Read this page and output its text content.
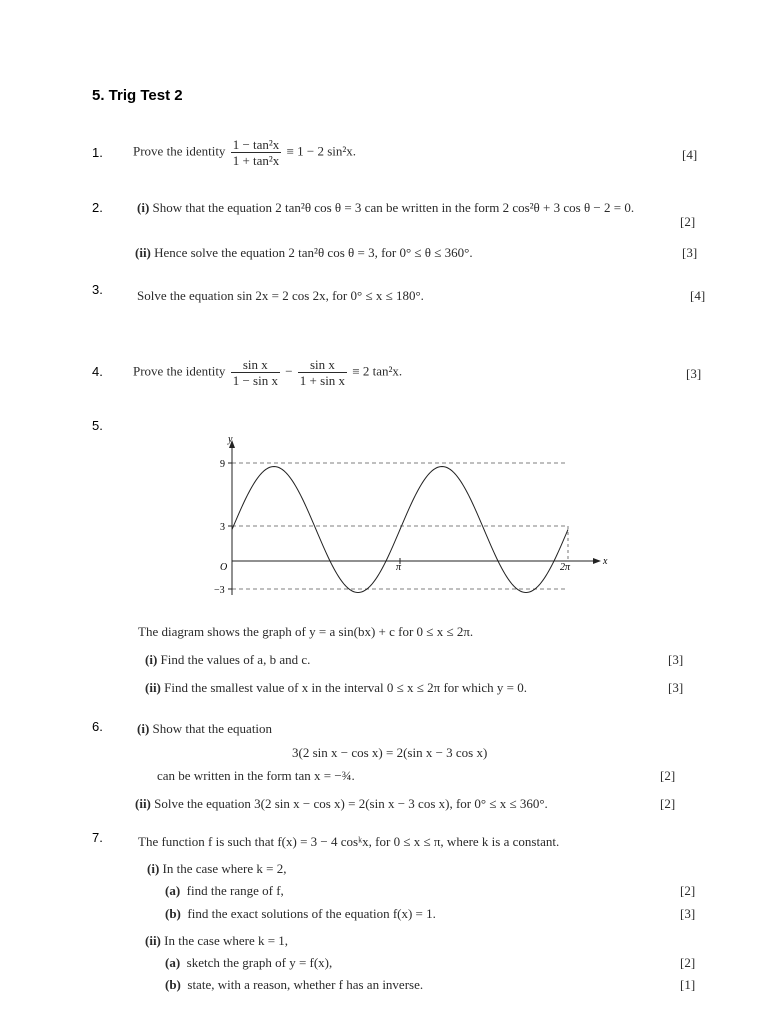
5. Trig Test 2
1. Prove the identity $\frac{\text{1 − tan²x}}{\text{1 + tan²x}} \equiv 1 - 2$ sin²x.	[4]
2.	(i) Show that the equation 2 tan²θ cos θ = 3 can be written in the form 2 cos²θ + 3 cos θ − 2 = 0.
[2]
(ii) Hence solve the equation 2 tan²θ cos θ = 3, for 0° ≤ θ ≤ 360°.	[3]
3.	Solve the equation sin 2x = 2 cos 2x, for 0° ≤ x ≤ 180°.	[4]
4. Prove the identity $\frac{\text{sin x}}{\text{1 − sin x}} - \frac{\text{sin x}}{\text{1 + sin x}} \equiv 2$ tan²x.	[3]
5.
y
x
9
3
−3
O	π	2π
The diagram shows the graph of y = a sin(bx) + c for 0 ≤ x ≤ 2π.
(i) Find the values of a, b and c.	[3]
(ii) Find the smallest value of x in the interval 0 ≤ x ≤ 2π for which y = 0.	[3]
6.	(i) Show that the equation
3(2 sin x − cos x) = 2(sin x − 3 cos x)
can be written in the form tan x = −¾.	[2]
(ii) Solve the equation 3(2 sin x − cos x) = 2(sin x − 3 cos x), for 0° ≤ x ≤ 360°.	[2]
7.	The function f is such that f(x) = 3 − 4 cosᵏx, for 0 ≤ x ≤ π, where k is a constant.
(i) In the case where k = 2,
(a) find the range of f,	[2]
(b) find the exact solutions of the equation f(x) = 1.	[3]
(ii) In the case where k = 1,
(a) sketch the graph of y = f(x),	[2]
(b) state, with a reason, whether f has an inverse.	[1]
